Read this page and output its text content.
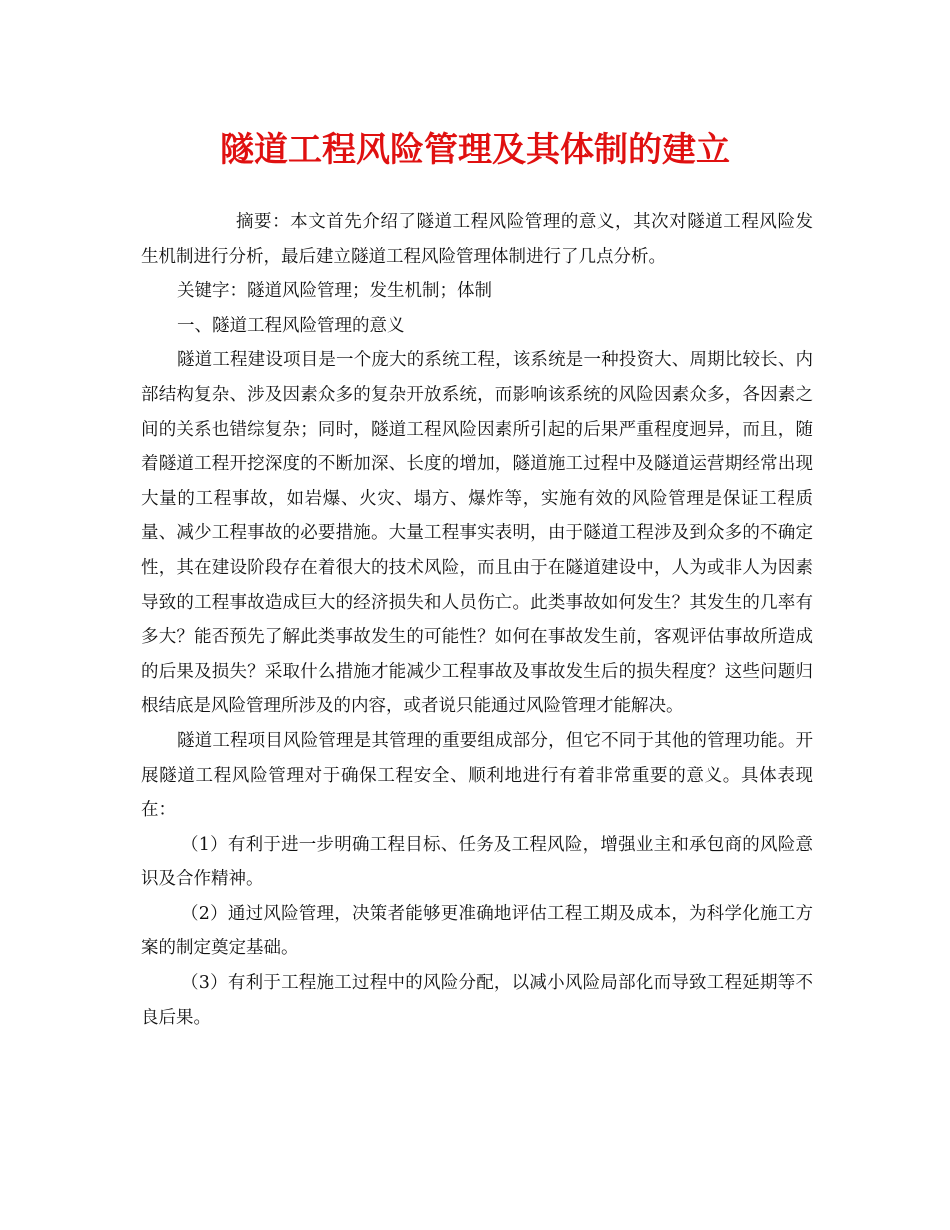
隧道工程风险管理及其体制的建立

摘要：本文首先介绍了隧道工程风险管理的意义，其次对隧道工程风险发生机制进行分析，最后建立隧道工程风险管理体制进行了几点分析。

关键字：隧道风险管理；发生机制；体制

一、隧道工程风险管理的意义

隧道工程建设项目是一个庞大的系统工程，该系统是一种投资大、周期比较长、内部结构复杂、涉及因素众多的复杂开放系统，而影响该系统的风险因素众多，各因素之间的关系也错综复杂；同时，隧道工程风险因素所引起的后果严重程度迥异，而且，随着隧道工程开挖深度的不断加深、长度的增加，隧道施工过程中及隧道运营期经常出现大量的工程事故，如岩爆、火灾、塌方、爆炸等，实施有效的风险管理是保证工程质量、减少工程事故的必要措施。大量工程事实表明，由于隧道工程涉及到众多的不确定性，其在建设阶段存在着很大的技术风险，而且由于在隧道建设中，人为或非人为因素导致的工程事故造成巨大的经济损失和人员伤亡。此类事故如何发生？其发生的几率有多大？能否预先了解此类事故发生的可能性？如何在事故发生前，客观评估事故所造成的后果及损失？采取什么措施才能减少工程事故及事故发生后的损失程度？这些问题归根结底是风险管理所涉及的内容，或者说只能通过风险管理才能解决。

隧道工程项目风险管理是其管理的重要组成部分，但它不同于其他的管理功能。开展隧道工程风险管理对于确保工程安全、顺利地进行有着非常重要的意义。具体表现在：

（1）有利于进一步明确工程目标、任务及工程风险，增强业主和承包商的风险意识及合作精神。

（2）通过风险管理，决策者能够更准确地评估工程工期及成本，为科学化施工方案的制定奠定基础。

（3）有利于工程施工过程中的风险分配，以减小风险局部化而导致工程延期等不良后果。
